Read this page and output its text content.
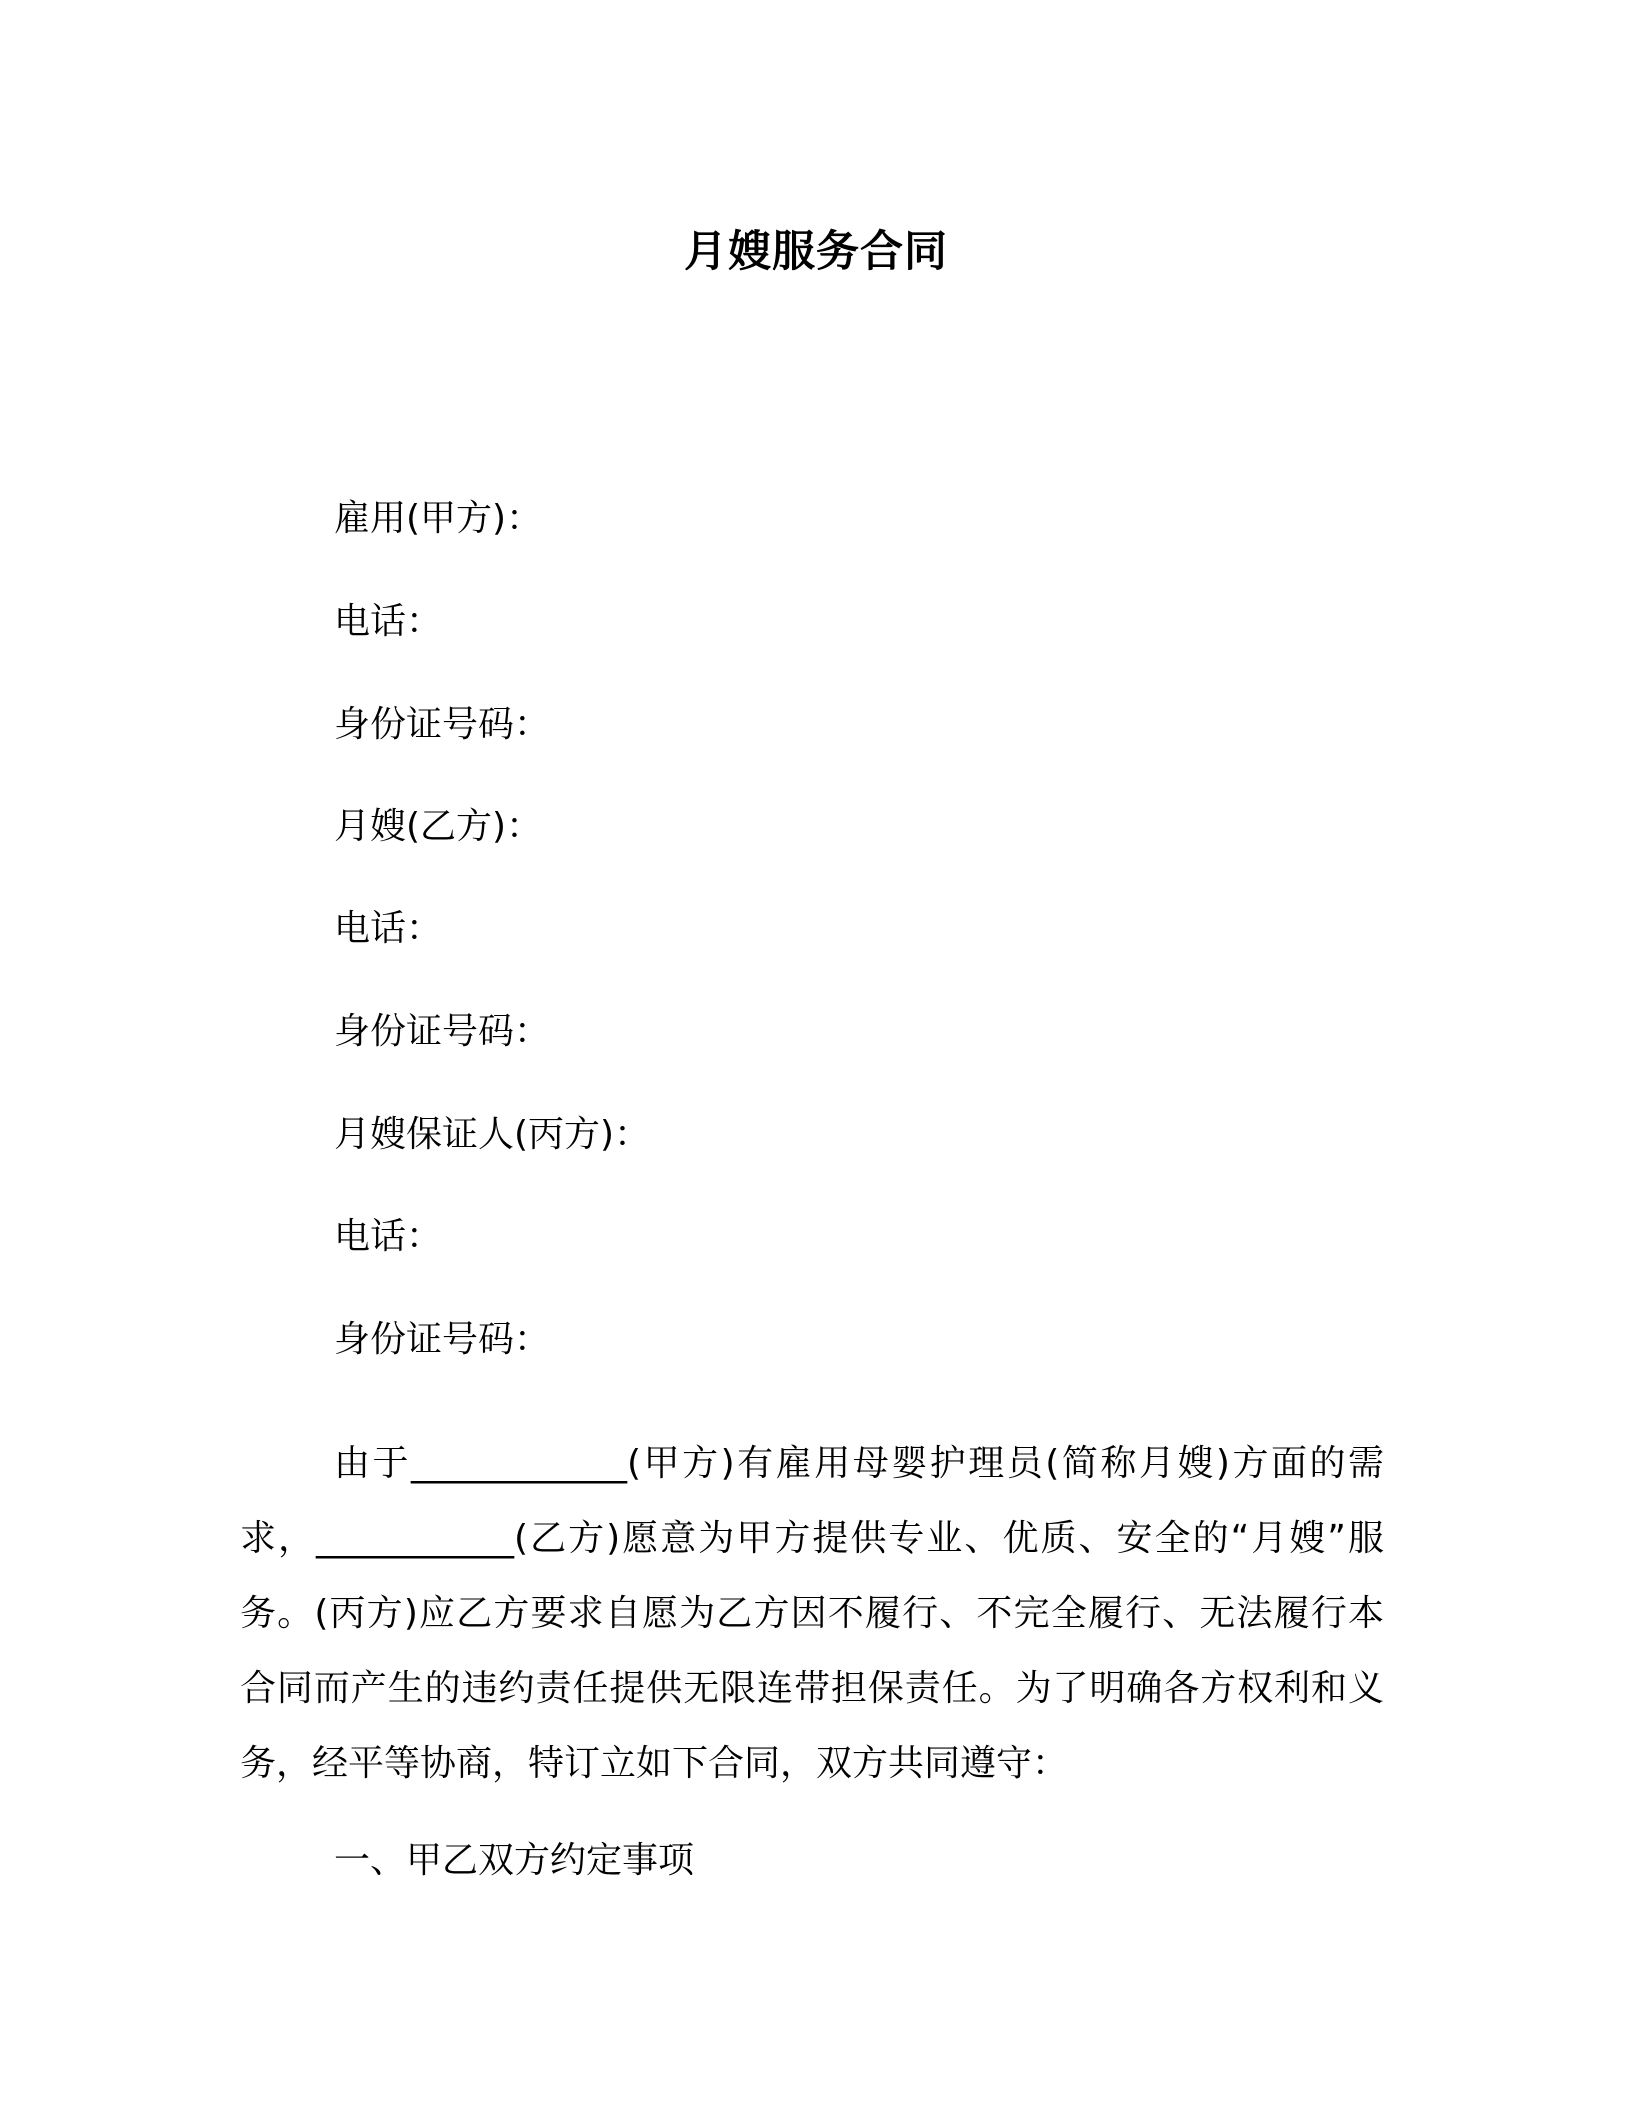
月嫂服务合同
雇用(甲方)：
电话：
身份证号码：
月嫂(乙方)：
电话：
身份证号码：
月嫂保证人(丙方)：
电话：
身份证号码：

由于____________(甲方)有雇用母婴护理员(简称月嫂)方面的需求，___________(乙方)愿意为甲方提供专业、优质、安全的“月嫂”服务。(丙方)应乙方要求自愿为乙方因不履行、不完全履行、无法履行本合同而产生的违约责任提供无限连带担保责任。为了明确各方权利和义务，经平等协商，特订立如下合同，双方共同遵守：

一、甲乙双方约定事项
